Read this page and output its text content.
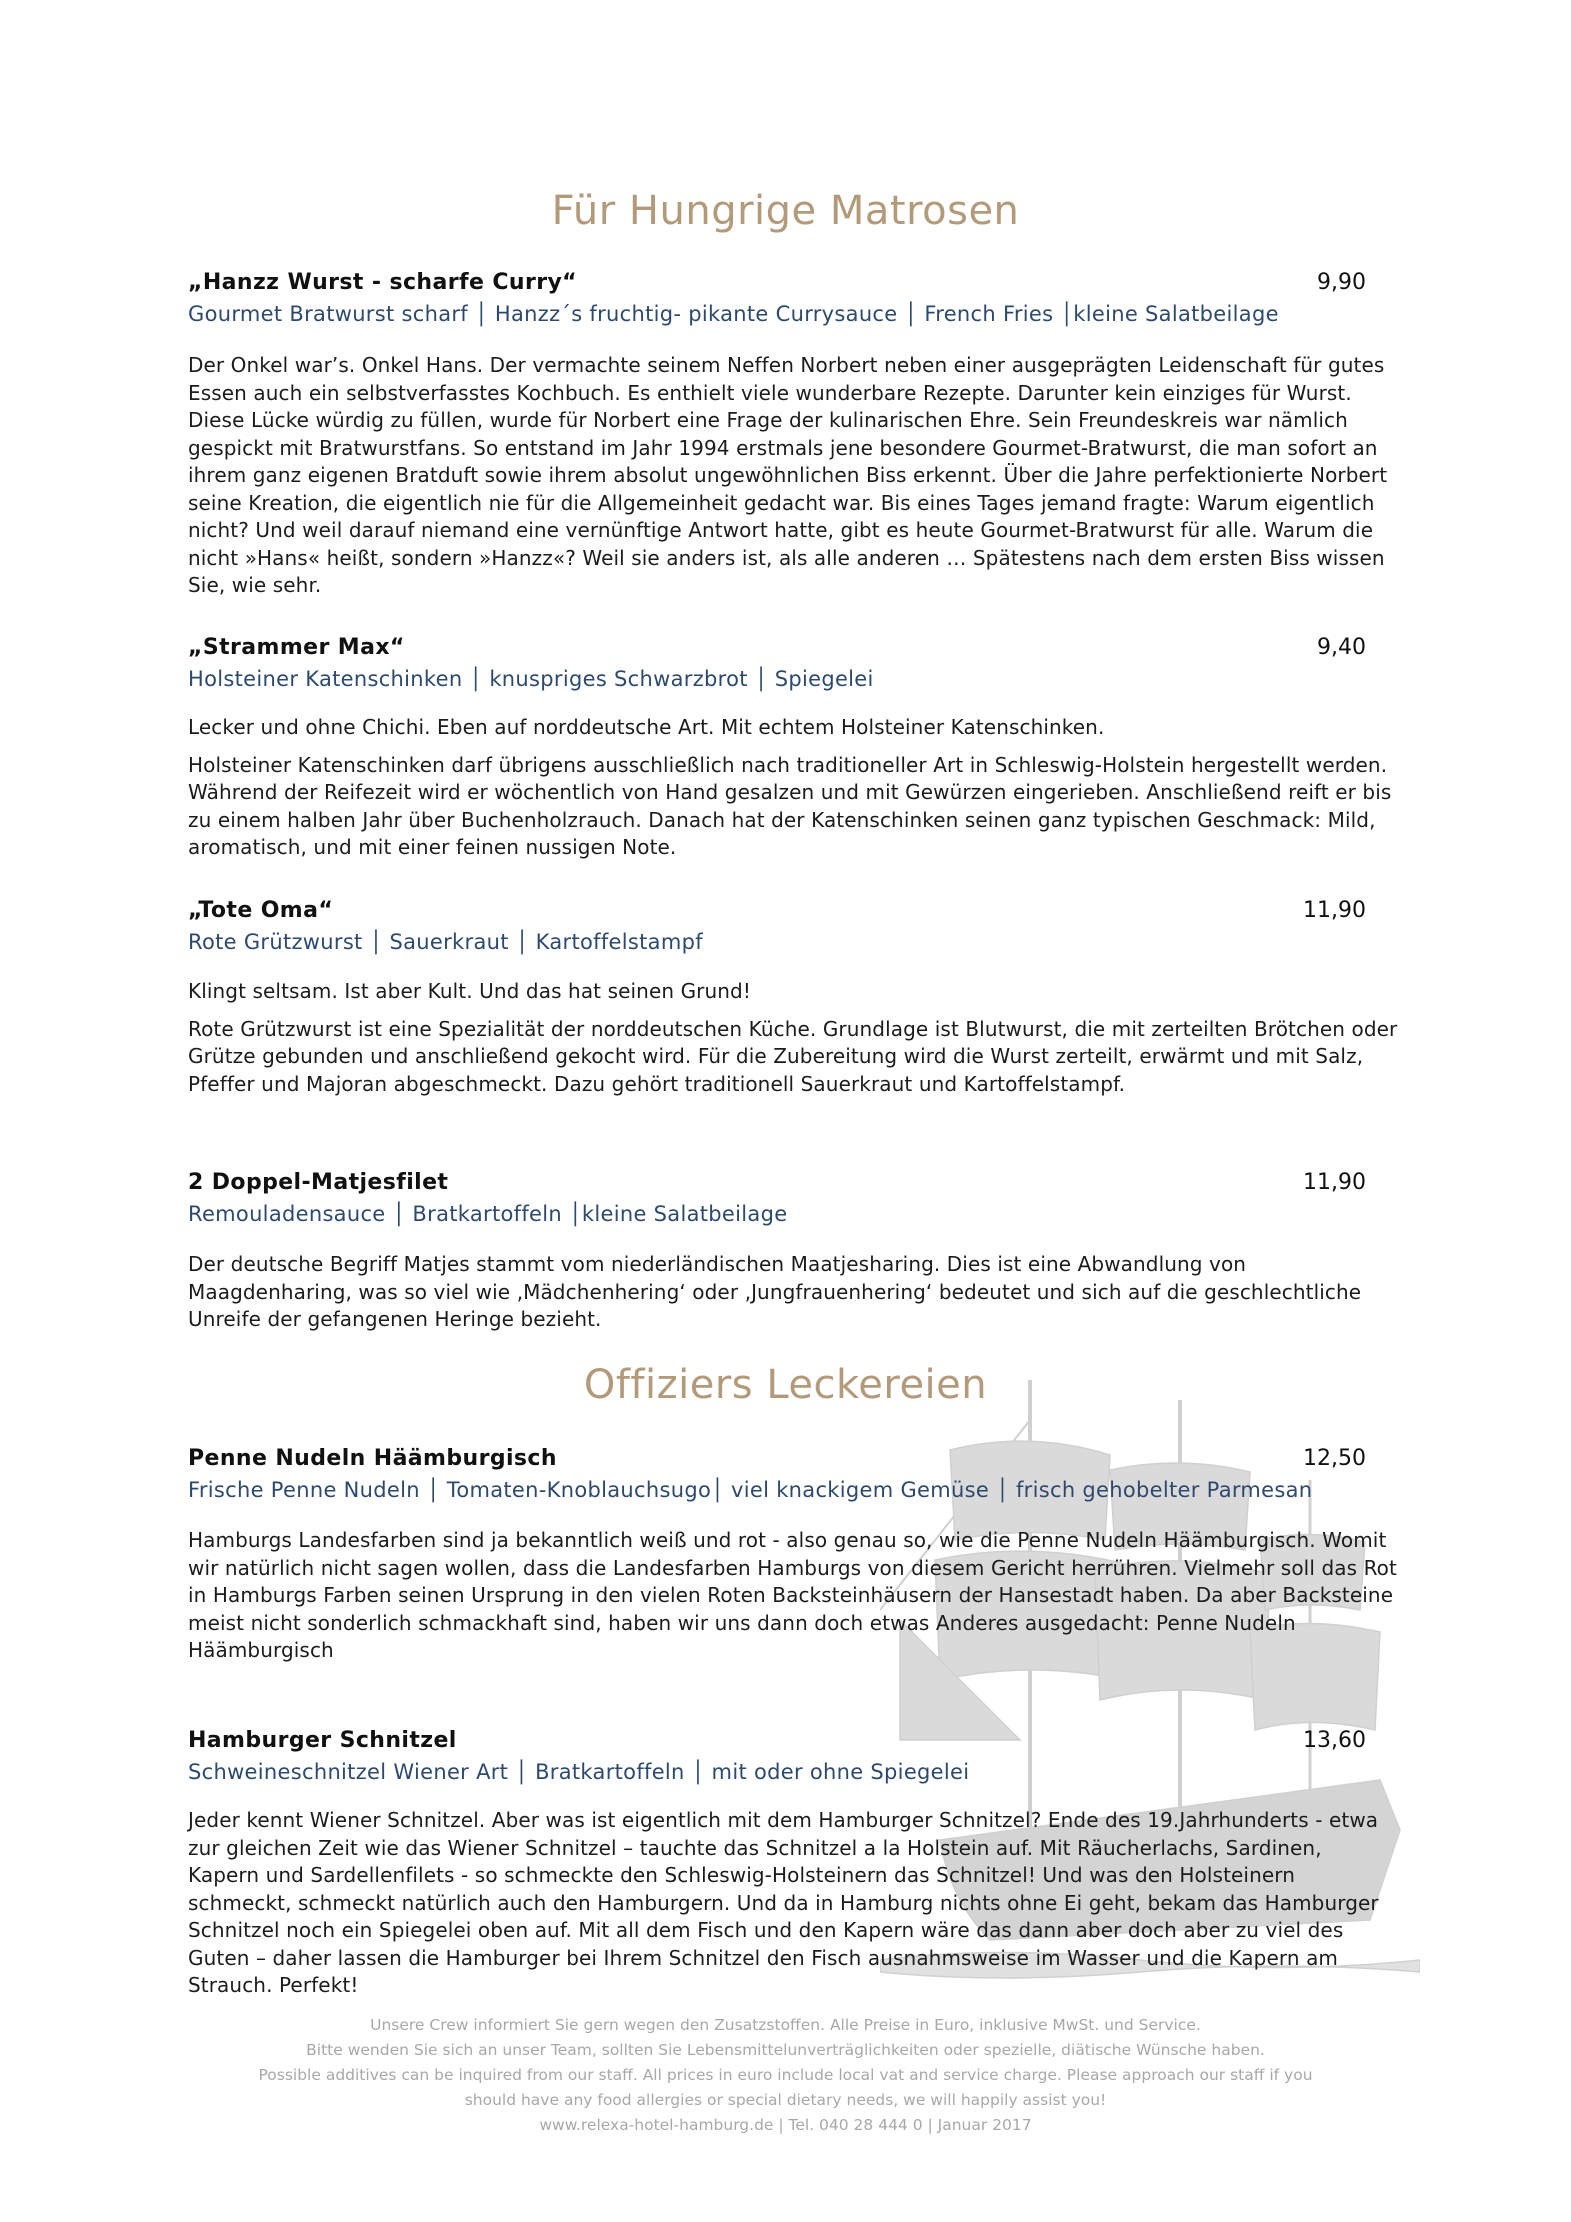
Für Hungrige Matrosen
„Hanzz Wurst - scharfe Curry“	9,90
Gourmet Bratwurst scharf │ Hanzz´s fruchtig- pikante Currysauce │ French Fries │kleine Salatbeilage

Der Onkel war’s. Onkel Hans. Der vermachte seinem Neffen Norbert neben einer ausgeprägten Leidenschaft für gutes Essen auch ein selbstverfasstes Kochbuch. Es enthielt viele wunderbare Rezepte. Darunter kein einziges für Wurst. Diese Lücke würdig zu füllen, wurde für Norbert eine Frage der kulinarischen Ehre. Sein Freundeskreis war nämlich gespickt mit Bratwurstfans. So entstand im Jahr 1994 erstmals jene besondere Gourmet-Bratwurst, die man sofort an ihrem ganz eigenen Bratduft sowie ihrem absolut ungewöhnlichen Biss erkennt. Über die Jahre perfektionierte Norbert seine Kreation, die eigentlich nie für die Allgemeinheit gedacht war. Bis eines Tages jemand fragte: Warum eigentlich nicht? Und weil darauf niemand eine vernünftige Antwort hatte, gibt es heute Gourmet-Bratwurst für alle. Warum die nicht »Hans« heißt, sondern »Hanzz«? Weil sie anders ist, als alle anderen … Spätestens nach dem ersten Biss wissen Sie, wie sehr.

„Strammer Max“	9,40
Holsteiner Katenschinken │ knuspriges Schwarzbrot │ Spiegelei

Lecker und ohne Chichi. Eben auf norddeutsche Art. Mit echtem Holsteiner Katenschinken.

Holsteiner Katenschinken darf übrigens ausschließlich nach traditioneller Art in Schleswig-Holstein hergestellt werden. Während der Reifezeit wird er wöchentlich von Hand gesalzen und mit Gewürzen eingerieben. Anschließend reift er bis zu einem halben Jahr über Buchenholzrauch. Danach hat der Katenschinken seinen ganz typischen Geschmack: Mild, aromatisch, und mit einer feinen nussigen Note.

„Tote Oma“	11,90
Rote Grützwurst │ Sauerkraut │ Kartoffelstampf

Klingt seltsam. Ist aber Kult. Und das hat seinen Grund!

Rote Grützwurst ist eine Spezialität der norddeutschen Küche. Grundlage ist Blutwurst, die mit zerteilten Brötchen oder Grütze gebunden und anschließend gekocht wird. Für die Zubereitung wird die Wurst zerteilt, erwärmt und mit Salz, Pfeffer und Majoran abgeschmeckt. Dazu gehört traditionell Sauerkraut und Kartoffelstampf.

2 Doppel-Matjesfilet	11,90
Remouladensauce │ Bratkartoffeln │kleine Salatbeilage

Der deutsche Begriff Matjes stammt vom niederländischen Maatjesharing. Dies ist eine Abwandlung von Maagdenharing, was so viel wie ‚Mädchenhering‘ oder ‚Jungfrauenhering‘ bedeutet und sich auf die geschlechtliche Unreife der gefangenen Heringe bezieht.

Offiziers Leckereien
Penne Nudeln Häämburgisch	12,50
Frische Penne Nudeln │ Tomaten-Knoblauchsugo│ viel knackigem Gemüse │ frisch gehobelter Parmesan

Hamburgs Landesfarben sind ja bekanntlich weiß und rot - also genau so, wie die Penne Nudeln Häämburgisch. Womit wir natürlich nicht sagen wollen, dass die Landesfarben Hamburgs von diesem Gericht herrühren. Vielmehr soll das Rot in Hamburgs Farben seinen Ursprung in den vielen Roten Backsteinhäusern der Hansestadt haben. Da aber Backsteine meist nicht sonderlich schmackhaft sind, haben wir uns dann doch etwas Anderes ausgedacht: Penne Nudeln Häämburgisch

Hamburger Schnitzel	13,60
Schweineschnitzel Wiener Art │ Bratkartoffeln │ mit oder ohne Spiegelei

Jeder kennt Wiener Schnitzel. Aber was ist eigentlich mit dem Hamburger Schnitzel? Ende des 19.Jahrhunderts - etwa zur gleichen Zeit wie das Wiener Schnitzel – tauchte das Schnitzel a la Holstein auf. Mit Räucherlachs, Sardinen, Kapern und Sardellenfilets - so schmeckte den Schleswig-Holsteinern das Schnitzel! Und was den Holsteinern schmeckt, schmeckt natürlich auch den Hamburgern. Und da in Hamburg nichts ohne Ei geht, bekam das Hamburger Schnitzel noch ein Spiegelei oben auf. Mit all dem Fisch und den Kapern wäre das dann aber doch aber zu viel des Guten – daher lassen die Hamburger bei Ihrem Schnitzel den Fisch ausnahmsweise im Wasser und die Kapern am Strauch. Perfekt!

Unsere Crew informiert Sie gern wegen den Zusatzstoffen. Alle Preise in Euro, inklusive MwSt. und Service.
Bitte wenden Sie sich an unser Team, sollten Sie Lebensmittelunverträglichkeiten oder spezielle, diätische Wünsche haben.
Possible additives can be inquired from our staff. All prices in euro include local vat and service charge. Please approach our staff if you
should have any food allergies or special dietary needs, we will happily assist you!
www.relexa-hotel-hamburg.de | Tel. 040 28 444 0 | Januar 2017
